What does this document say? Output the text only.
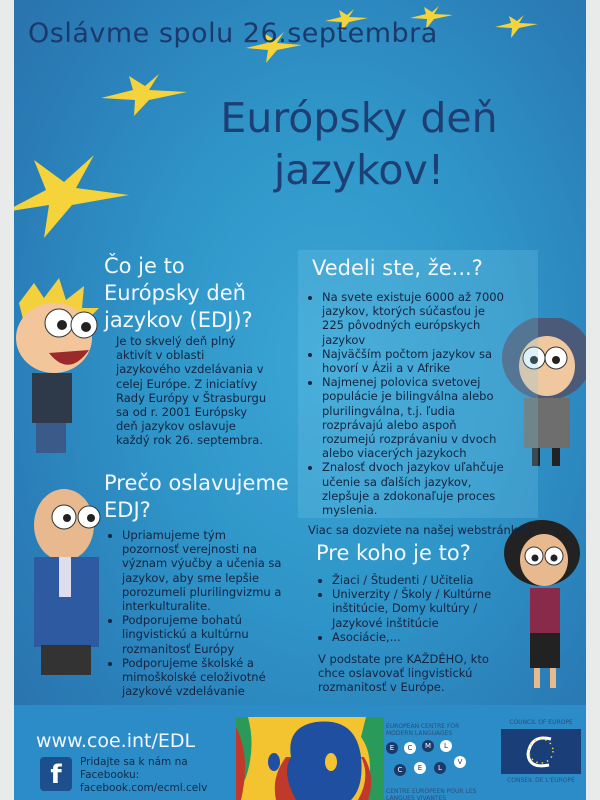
Oslávme spolu 26.septembra
Európsky deň
jazykov!
Čo je to
Európsky deň
jazykov (EDJ)?
Je to skvelý deň plný aktivít v oblasti jazykového vzdelávania v celej Európe. Z iniciatívy Rady Európy v Štrasburgu sa od r. 2001 Európsky deň jazykov oslavuje každý rok 26. septembra.
Vedeli ste, že...?
• Na svete existuje 6000 až 7000 jazykov, ktorých súčasťou je 225 pôvodných európskych jazykov
• Najväčším počtom jazykov sa hovorí v Ázii a v Afrike
• Najmenej polovica svetovej populácie je bilingválna alebo plurilingválna, t.j. ľudia rozprávajú alebo aspoň rozumejú rozprávaniu v dvoch alebo viacerých jazykoch
• Znalosť dvoch jazykov uľahčuje učenie sa ďalších jazykov, zlepšuje a zdokonaľuje proces myslenia.
Viac sa dozviete na našej webstránke!
Prečo oslavujeme
EDJ?
• Upriamujeme tým pozornosť verejnosti na význam výučby a učenia sa jazykov, aby sme lepšie porozumeli plurilingvizmu a interkulturalite.
• Podporujeme bohatú lingvistickú a kultúrnu rozmanitosť Európy
• Podporujeme školské a mimoškolské celoživotné jazykové vzdelávanie
Pre koho je to?
• Žiaci / Študenti / Učitelia
• Univerzity / Školy / Kultúrne inštitúcie, Domy kultúry / Jazykové inštitúcie
• Asociácie,...
V podstate pre KAŽDÉHO, kto chce oslavovať lingvistickú rozmanitosť v Európe.
www.coe.int/EDL
f	Pridajte sa k nám na
Facebooku:
facebook.com/ecml.celv
EUROPEAN CENTRE FOR MODERN LANGUAGES
E	C	M	L
C	E	L
V
CENTRE EUROPEEN POUR LES LANGUES VIVANTES
COUNCIL OF EUROPE
CONSEIL DE L'EUROPE
